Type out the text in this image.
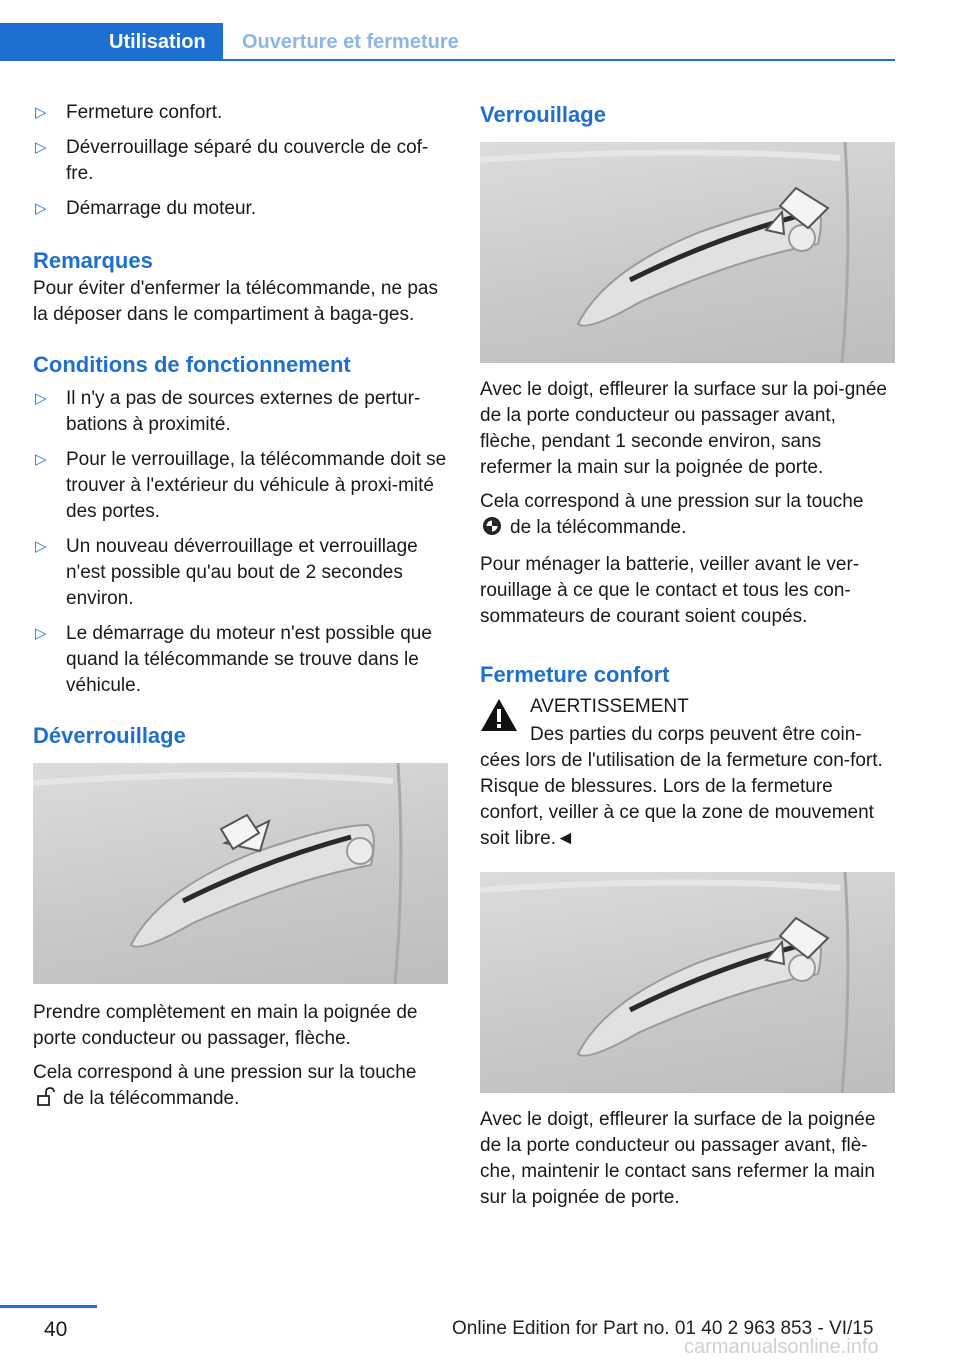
Utilisation	Ouverture et fermeture
▷ Fermeture confort.
▷ Déverrouillage séparé du couvercle de cof-fre.
▷ Démarrage du moteur.
Remarques
Pour éviter d'enfermer la télécommande, ne pas la déposer dans le compartiment à baga-ges.
Conditions de fonctionnement
▷ Il n'y a pas de sources externes de pertur-bations à proximité.
▷ Pour le verrouillage, la télécommande doit se trouver à l'extérieur du véhicule à proxi-mité des portes.
▷ Un nouveau déverrouillage et verrouillage n'est possible qu'au bout de 2 secondes environ.
▷ Le démarrage du moteur n'est possible que quand la télécommande se trouve dans le véhicule.
Déverrouillage
Prendre complètement en main la poignée de porte conducteur ou passager, flèche.
Cela correspond à une pression sur la touche
de la télécommande.
Verrouillage
Avec le doigt, effleurer la surface sur la poi-gnée de la porte conducteur ou passager avant, flèche, pendant 1 seconde environ, sans refermer la main sur la poignée de porte.
Cela correspond à une pression sur la touche
de la télécommande.
Pour ménager la batterie, veiller avant le ver-rouillage à ce que le contact et tous les con-sommateurs de courant soient coupés.
Fermeture confort
AVERTISSEMENT
Des parties du corps peuvent être coin-
cées lors de l'utilisation de la fermeture con-fort. Risque de blessures. Lors de la fermeture confort, veiller à ce que la zone de mouvement soit libre.◄
Avec le doigt, effleurer la surface de la poignée de la porte conducteur ou passager avant, flè-che, maintenir le contact sans refermer la main sur la poignée de porte.
40	Online Edition for Part no. 01 40 2 963 853 - VI/15
carmanualsonline.info
